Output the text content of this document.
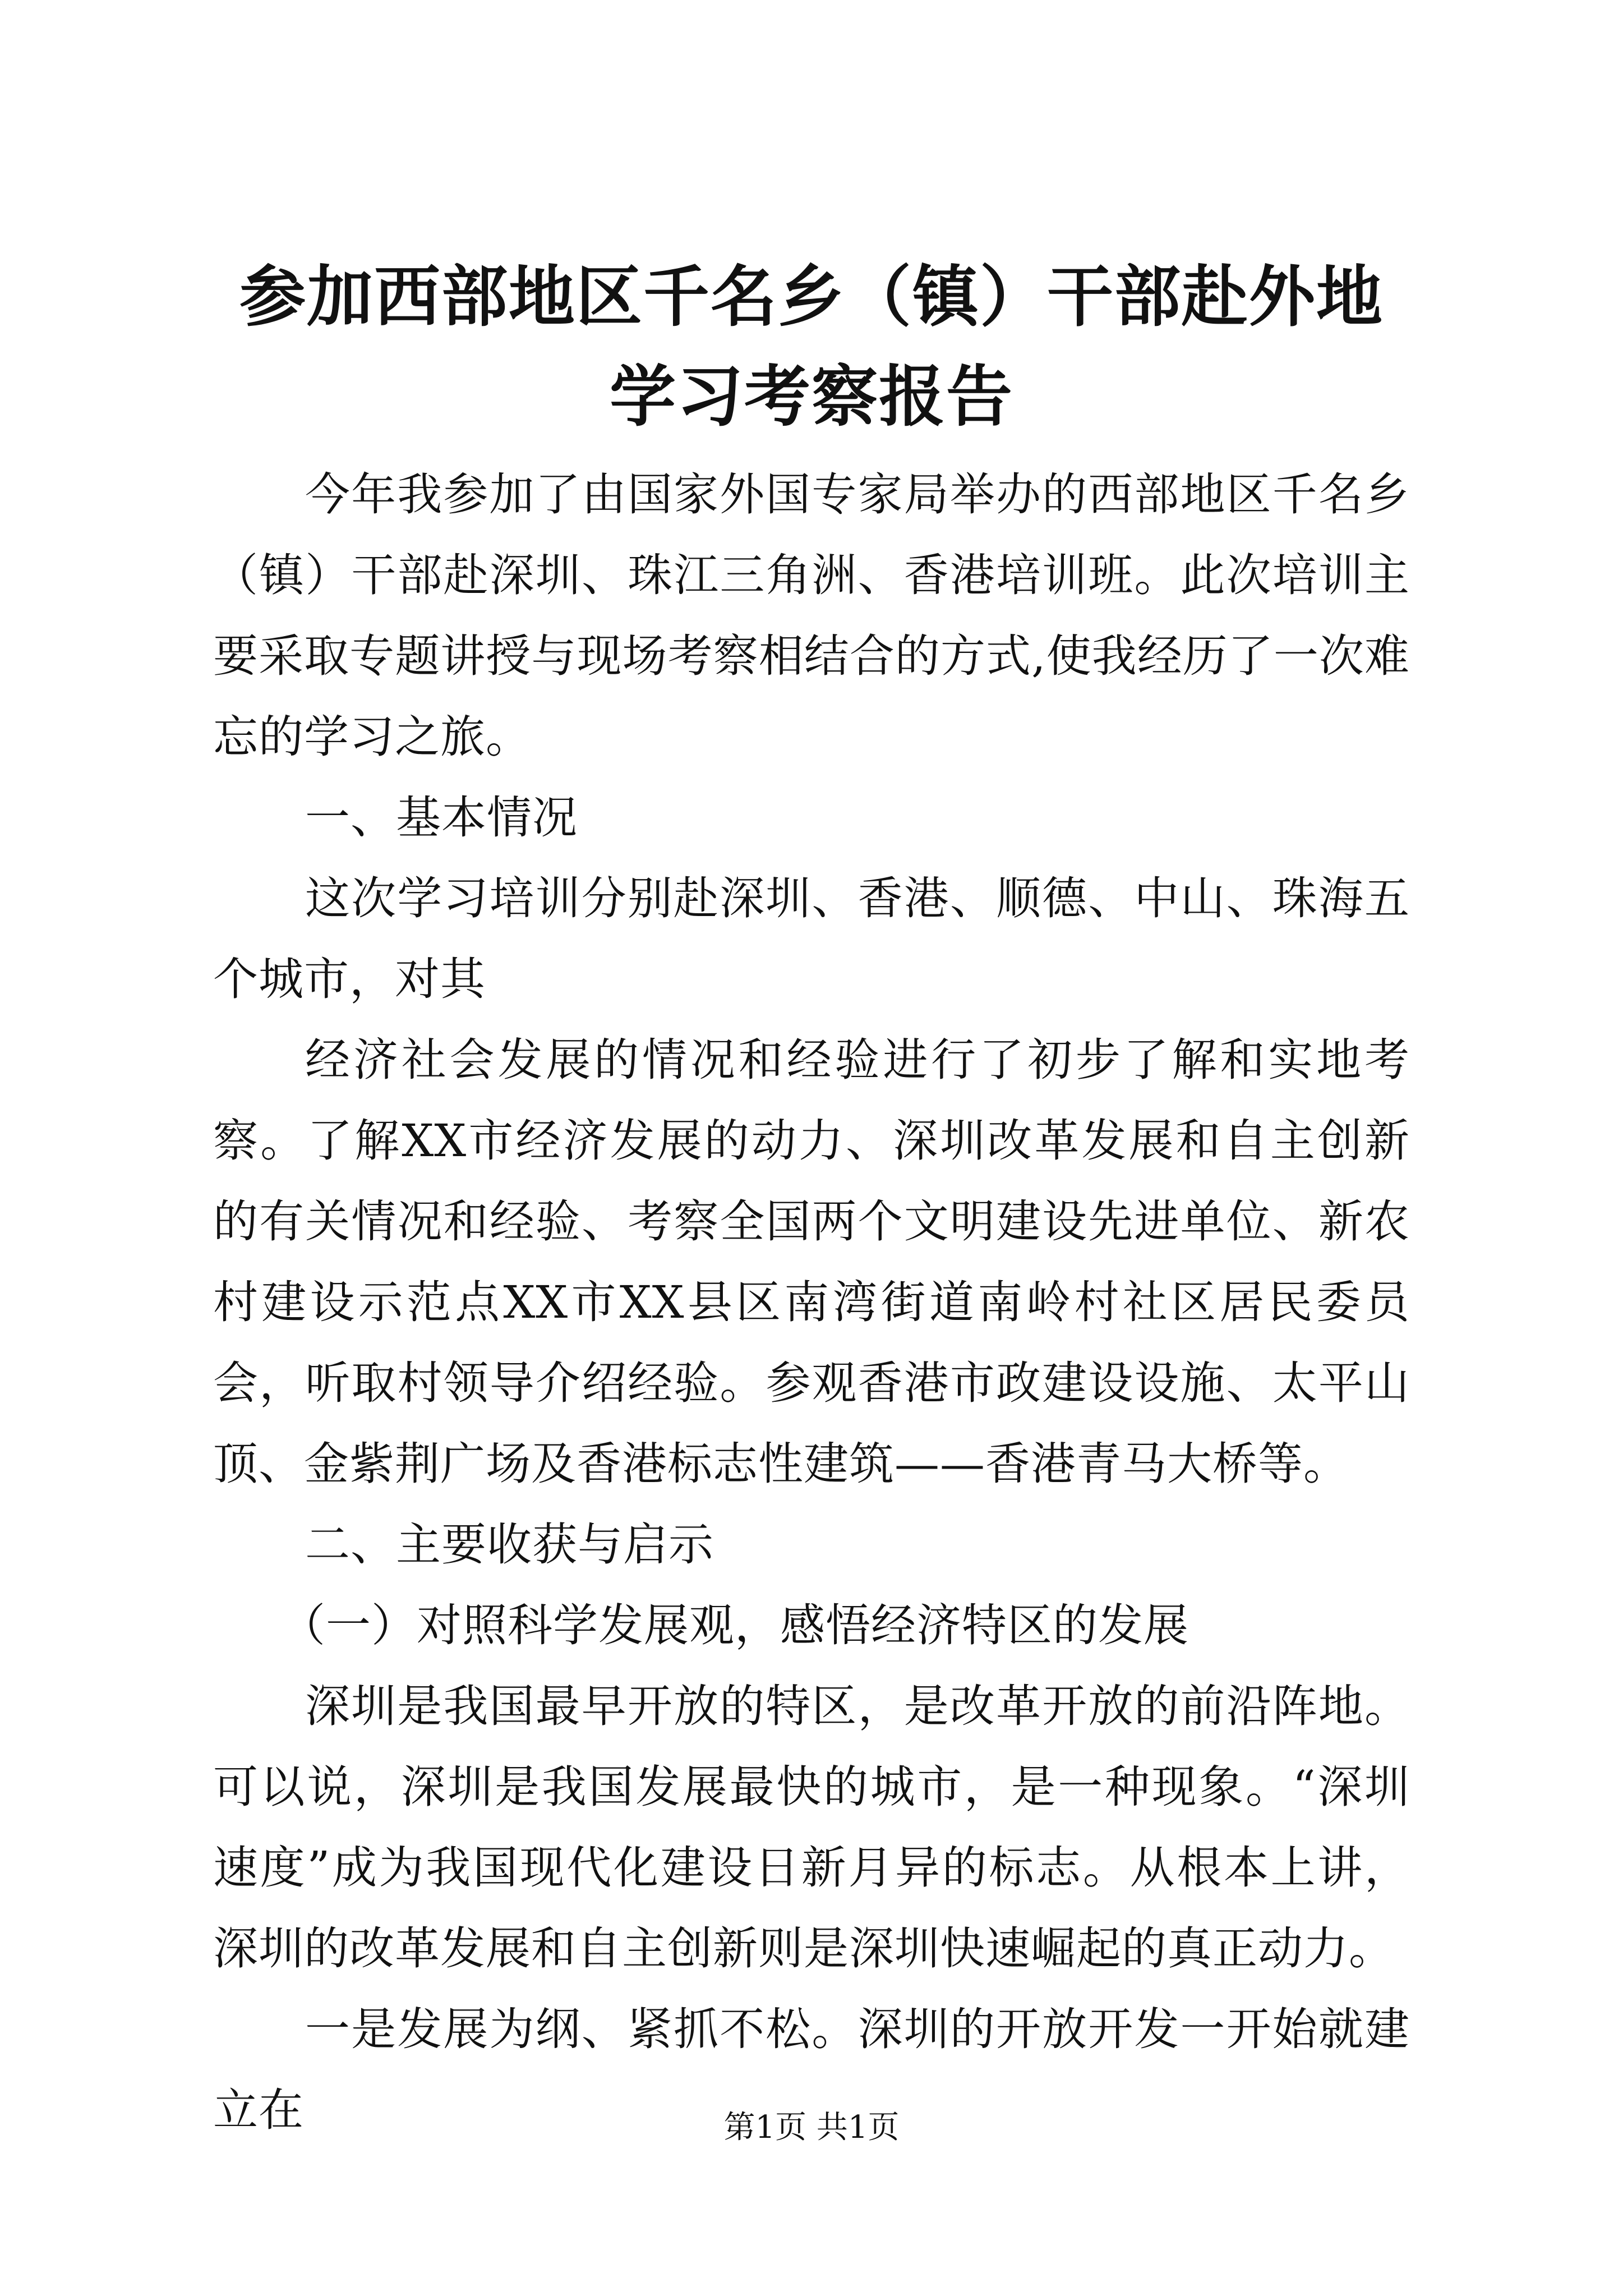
参加西部地区千名乡（镇）干部赴外地学习考察报告

今年我参加了由国家外国专家局举办的西部地区千名乡（镇）干部赴深圳、珠江三角洲、香港培训班。此次培训主要采取专题讲授与现场考察相结合的方式,使我经历了一次难忘的学习之旅。

一、基本情况

这次学习培训分别赴深圳、香港、顺德、中山、珠海五个城市，对其

经济社会发展的情况和经验进行了初步了解和实地考察。了解XX市经济发展的动力、深圳改革发展和自主创新的有关情况和经验、考察全国两个文明建设先进单位、新农村建设示范点XX市XX县区南湾街道南岭村社区居民委员会，听取村领导介绍经验。参观香港市政建设设施、太平山顶、金紫荆广场及香港标志性建筑——香港青马大桥等。

二、主要收获与启示

（一）对照科学发展观，感悟经济特区的发展

深圳是我国最早开放的特区，是改革开放的前沿阵地。可以说，深圳是我国发展最快的城市，是一种现象。“深圳速度”成为我国现代化建设日新月异的标志。从根本上讲，深圳的改革发展和自主创新则是深圳快速崛起的真正动力。

一是发展为纲、紧抓不松。深圳的开放开发一开始就建立在	第1页 共1页
